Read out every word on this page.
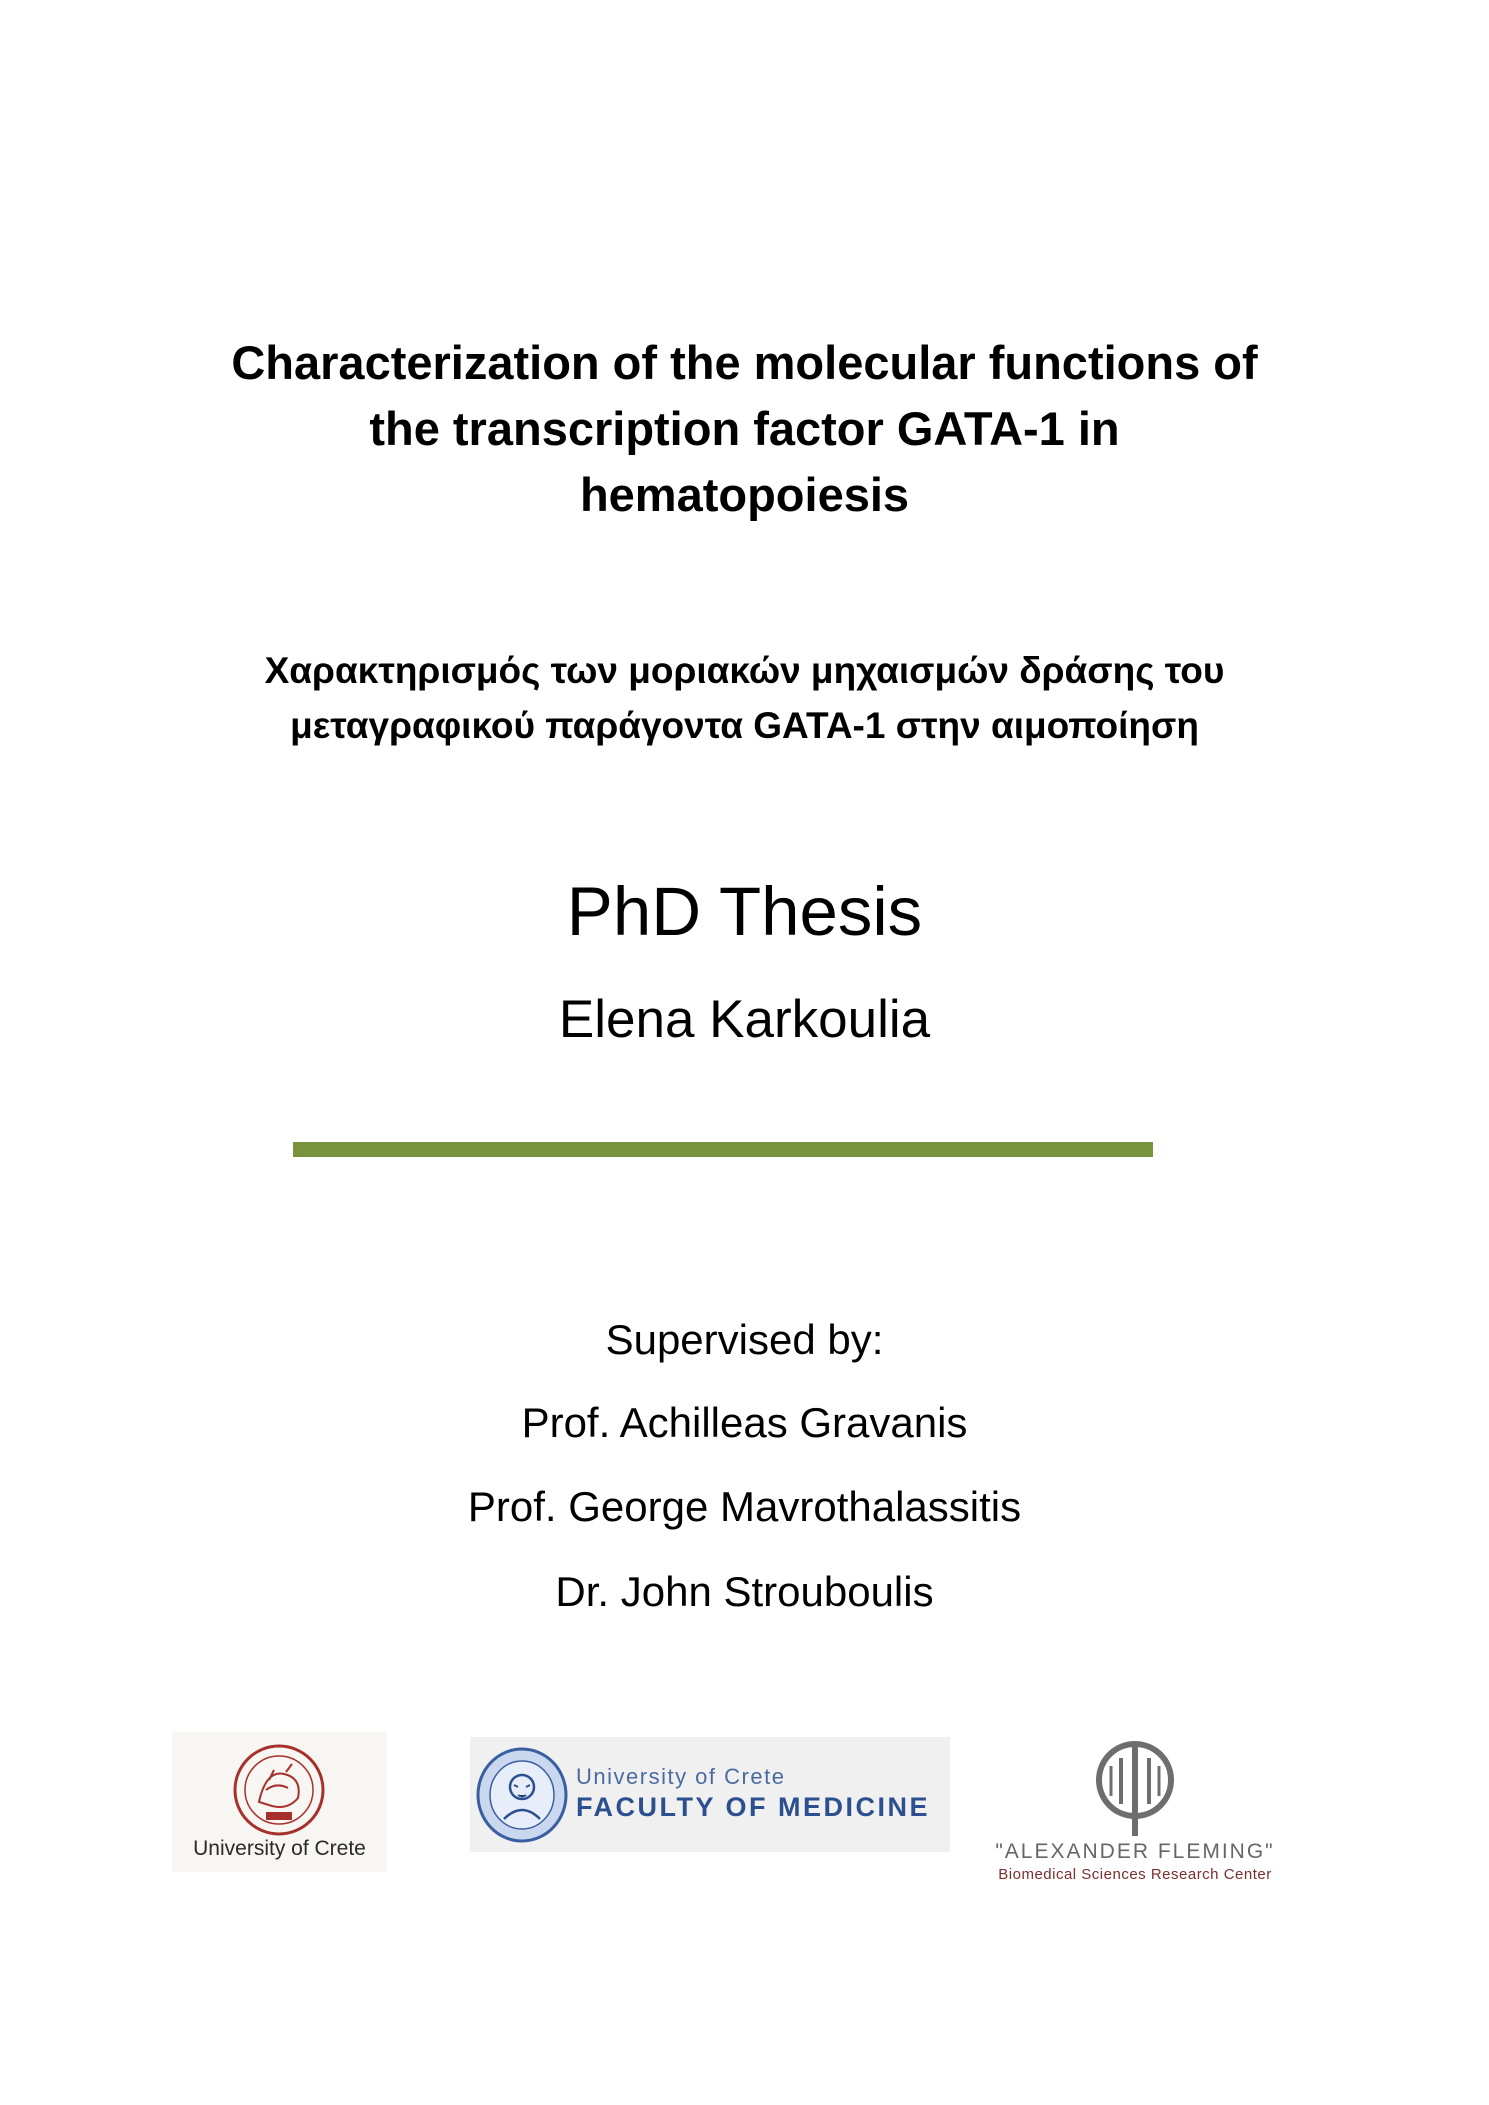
Characterization of the molecular functions of
the transcription factor GATA-1 in
hematopoiesis
Χαρακτηρισμός των μοριακών μηχαισμών δράσης του
μεταγραφικού παράγοντα GATA-1 στην αιμοποίηση
PhD Thesis
Elena Karkoulia
Supervised by:
Prof. Achilleas Gravanis
Prof. George Mavrothalassitis
Dr. John Strouboulis
University of Crete
University of Crete
FACULTY OF MEDICINE
"ALEXANDER FLEMING"
Biomedical Sciences Research Center
